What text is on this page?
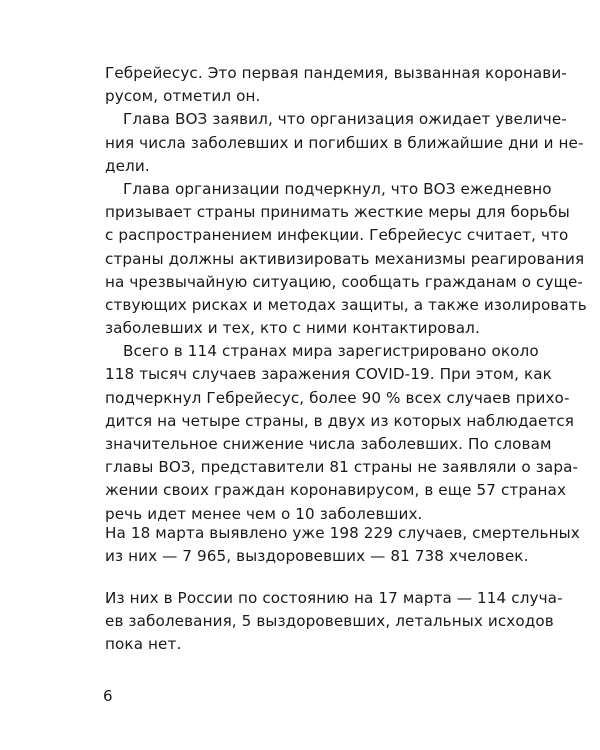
Гебрейесус. Это первая пандемия, вызванная коронави-
русом, отметил он.
Глава ВОЗ заявил, что организация ожидает увеличе-
ния числа заболевших и погибших в ближайшие дни и не-
дели.
Глава организации подчеркнул, что ВОЗ ежедневно
призывает страны принимать жесткие меры для борьбы
с распространением инфекции. Гебрейесус считает, что
страны должны активизировать механизмы реагирования
на чрезвычайную ситуацию, сообщать гражданам о суще-
ствующих рисках и методах защиты, а также изолировать
заболевших и тех, кто с ними контактировал.
Всего в 114 странах мира зарегистрировано около
118 тысяч случаев заражения COVID-19. При этом, как
подчеркнул Гебрейесус, более 90 % всех случаев прихо-
дится на четыре страны, в двух из которых наблюдается
значительное снижение числа заболевших. По словам
главы ВОЗ, представители 81 страны не заявляли о зара-
жении своих граждан коронавирусом, в еще 57 странах
речь идет менее чем о 10 заболевших.
На 18 марта выявлено уже 198 229 случаев, смертельных
из них — 7 965, выздоровевших — 81 738 хчеловек.
Из них в России по состоянию на 17 марта — 114 случа-
ев заболевания, 5 выздоровевших, летальных исходов
пока нет.
6
